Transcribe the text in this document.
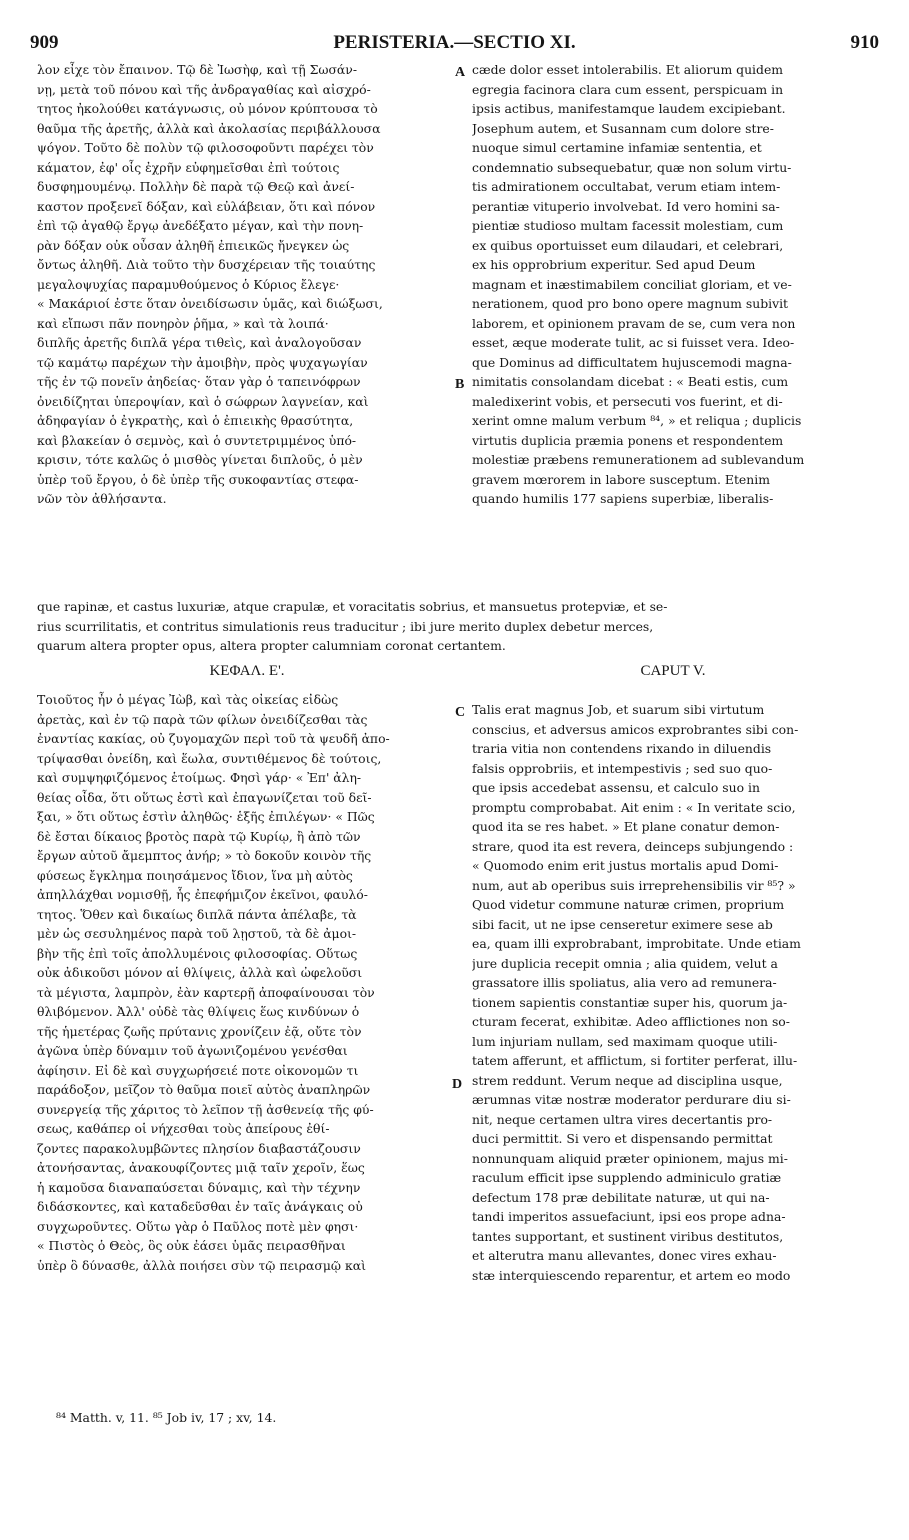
909	PERISTERIA.—SECTIO XI.	910
λον εἶχε τὸν ἔπαινον. Τῷ δὲ Ἰωσὴφ, καὶ τῇ Σωσάν-
νῃ, μετὰ τοῦ πόνου καὶ τῆς ἀνδραγαθίας καὶ αἰσχρό-
τητος ἠκολούθει κατάγνωσις, οὐ μόνον κρύπτουσα τὸ
θαῦμα τῆς ἀρετῆς, ἀλλὰ καὶ ἀκολασίας περιβάλλουσα
ψόγον. Τοῦτο δὲ πολὺν τῷ φιλοσοφοῦντι παρέχει τὸν
κάματον, ἐφ' οἷς ἐχρῆν εὐφημεῖσθαι ἐπὶ τούτοις
δυσφημουμένῳ. Πολλὴν δὲ παρὰ τῷ Θεῷ καὶ ἀνεί-
καστον προξενεῖ δόξαν, καὶ εὐλάβειαν, ὅτι καὶ πόνον
ἐπὶ τῷ ἀγαθῷ ἔργῳ ἀνεδέξατο μέγαν, καὶ τὴν πονη-
ρὰν δόξαν οὐκ οὖσαν ἀληθῆ ἐπιεικῶς ἤνεγκεν ὡς
ὄντως ἀληθῆ. Διὰ τοῦτο τὴν δυσχέρειαν τῆς τοιαύτης
μεγαλοψυχίας παραμυθούμενος ὁ Κύριος ἔλεγε·
« Μακάριοί ἐστε ὅταν ὀνειδίσωσιν ὑμᾶς, καὶ διώξωσι,
καὶ εἴπωσι πᾶν πονηρὸν ῥῆμα, » καὶ τὰ λοιπά·
διπλῆς ἀρετῆς διπλᾶ γέρα τιθεὶς, καὶ ἀναλογοῦσαν
τῷ καμάτῳ παρέχων τὴν ἀμοιβὴν, πρὸς ψυχαγωγίαν
τῆς ἐν τῷ πονεῖν ἀηδείας· ὅταν γὰρ ὁ ταπεινόφρων
ὀνειδίζηται ὑπεροψίαν, καὶ ὁ σώφρων λαγνείαν, καὶ
ἀδηφαγίαν ὁ ἐγκρατὴς, καὶ ὁ ἐπιεικὴς θρασύτητα,
καὶ βλακείαν ὁ σεμνὸς, καὶ ὁ συντετριμμένος ὑπό-
κρισιν, τότε καλῶς ὁ μισθὸς γίνεται διπλοῦς, ὁ μὲν
ὑπὲρ τοῦ ἔργου, ὁ δὲ ὑπὲρ τῆς συκοφαντίας στεφα-
νῶν τὸν ἀθλήσαντα.
cæde dolor esset intolerabilis. Et aliorum quidem
egregia facinora clara cum essent, perspicuam in
ipsis actibus, manifestamque laudem excipiebant.
Josephum autem, et Susannam cum dolore stre-
nuoque simul certamine infamiæ sententia, et
condemnatio subsequebatur, quæ non solum virtu-
tis admirationem occultabat, verum etiam intem-
perantiæ vituperio involvebat. Id vero homini sa-
pientiæ studioso multam facessit molestiam, cum
ex quibus oportuisset eum dilaudari, et celebrari,
ex his opprobrium experitur. Sed apud Deum
magnam et inæstimabilem conciliat gloriam, et ve-
nerationem, quod pro bono opere magnum subivit
laborem, et opinionem pravam de se, cum vera non
esset, æque moderate tulit, ac si fuisset vera. Ideo-
que Dominus ad difficultatem hujuscemodi magna-
nimitatis consolandam dicebat : « Beati estis, cum
maledixerint vobis, et persecuti vos fuerint, et di-
xerint omne malum verbum ⁸⁴, » et reliqua ; duplicis
virtutis duplicia præmia ponens et respondentem
molestiæ præbens remunerationem ad sublevandum
gravem mœrorem in labore susceptum. Etenim
quando humilis 177 sapiens superbiæ, liberalis-
A
B
C
D
que rapinæ, et castus luxuriæ, atque crapulæ, et voracitatis sobrius, et mansuetus protерviæ, et se-
rius scurrilitatis, et contritus simulationis reus traducitur ; ibi jure merito duplex debetur merces,
quarum altera propter opus, altera propter calumniam coronat certantem.
ΚΕΦΑΛ. Ε'.	CAPUT V.
Τοιοῦτος ἦν ὁ μέγας Ἰὼβ, καὶ τὰς οἰκείας εἰδὼς
ἀρετὰς, καὶ ἐν τῷ παρὰ τῶν φίλων ὀνειδίζεσθαι τὰς
ἐναντίας κακίας, οὐ ζυγομαχῶν περὶ τοῦ τὰ ψευδῆ ἀπο-
τρίψασθαι ὀνείδη, καὶ ἕωλα, συντιθέμενος δὲ τούτοις,
καὶ συμψηφιζόμενος ἑτοίμως. Φησὶ γάρ· « Ἐπ' ἀλη-
θείας οἶδα, ὅτι οὕτως ἐστὶ καὶ ἐπαγωνίζεται τοῦ δεῖ-
ξαι, » ὅτι οὕτως ἐστὶν ἀληθῶς· ἑξῆς ἐπιλέγων· « Πῶς
δὲ ἔσται δίκαιος βροτὸς παρὰ τῷ Κυρίῳ, ἢ ἀπὸ τῶν
ἔργων αὐτοῦ ἄμεμπτος ἀνήρ; » τὸ δοκοῦν κοινὸν τῆς
φύσεως ἔγκλημα ποιησάμενος ἴδιον, ἵνα μὴ αὐτὸς
ἀπηλλάχθαι νομισθῇ, ἧς ἐπεφήμιζον ἐκεῖνοι, φαυλό-
τητος. Ὅθεν καὶ δικαίως διπλᾶ πάντα ἀπέλαβε, τὰ
μὲν ὡς σεσυλημένος παρὰ τοῦ λῃστοῦ, τὰ δὲ ἀμοι-
βὴν τῆς ἐπὶ τοῖς ἀπολλυμένοις φιλοσοφίας. Οὕτως
οὐκ ἀδικοῦσι μόνον αἱ θλίψεις, ἀλλὰ καὶ ὠφελοῦσι
τὰ μέγιστα, λαμπρὸν, ἐὰν καρτερῇ ἀποφαίνουσαι τὸν
θλιβόμενον. Ἀλλ' οὐδὲ τὰς θλίψεις ἕως κινδύνων ὁ
τῆς ἡμετέρας ζωῆς πρύτανις χρονίζειν ἐᾷ, οὔτε τὸν
ἀγῶνα ὑπὲρ δύναμιν τοῦ ἀγωνιζομένου γενέσθαι
ἀφίησιν. Εἰ δὲ καὶ συγχωρήσειέ ποτε οἰκονομῶν τι
παράδοξον, μεῖζον τὸ θαῦμα ποιεῖ αὐτὸς ἀναπληρῶν
συνεργείᾳ τῆς χάριτος τὸ λεῖπον τῇ ἀσθενείᾳ τῆς φύ-
σεως, καθάπερ οἱ νήχεσθαι τοὺς ἀπείρους ἐθί-
ζοντες παρακολυμβῶντες πλησίον διαβαστάζουσιν
ἀτονήσαντας, ἀνακουφίζοντες μιᾷ ταῖν χεροῖν, ἕως
ἡ καμοῦσα διαναπαύσεται δύναμις, καὶ τὴν τέχνην
διδάσκοντες, καὶ καταδεῦσθαι ἐν ταῖς ἀνάγκαις οὐ
συγχωροῦντες. Οὕτω γὰρ ὁ Παῦλος ποτὲ μὲν φησι·
« Πιστὸς ὁ Θεὸς, ὃς οὐκ ἐάσει ὑμᾶς πειρασθῆναι
ὑπὲρ ὃ δύνασθε, ἀλλὰ ποιήσει σὺν τῷ πειρασμῷ καὶ
Talis erat magnus Job, et suarum sibi virtutum
conscius, et adversus amicos exprobrantes sibi con-
traria vitia non contendens rixando in diluendis
falsis opprobriis, et intempestivis ; sed suo quo-
que ipsis accedebat assensu, et calculo suo in
promptu comprobabat. Ait enim : « In veritate scio,
quod ita se res habet. » Et plane conatur demon-
strare, quod ita est revera, deinceps subjungendo :
« Quomodo enim erit justus mortalis apud Domi-
num, aut ab operibus suis irreprehensibilis vir ⁸⁵? »
Quod videtur commune naturæ crimen, proprium
sibi facit, ut ne ipse censeretur eximere sese ab
ea, quam illi exprobrabant, improbitate. Unde etiam
jure duplicia recepit omnia ; alia quidem, velut a
grassatore illis spoliatus, alia vero ad remunera-
tionem sapientis constantiæ super his, quorum ja-
cturam fecerat, exhibitæ. Adeo afflictiones non so-
lum injuriam nullam, sed maximam quoque utili-
tatem afferunt, et afflictum, si fortiter perferat, illu-
strem reddunt. Verum neque ad disciplina usque,
ærumnas vitæ nostræ moderator perdurare diu si-
nit, neque certamen ultra vires decertantis pro-
duci permittit. Si vero et dispensando permittat
nonnunquam aliquid præter opinionem, majus mi-
raculum efficit ipse supplendo adminiculo gratiæ
defectum 178 præ debilitate naturæ, ut qui na-
tandi imperitos assuefaciunt, ipsi eos prope adna-
tantes supportant, et sustinent viribus destitutos,
et alterutra manu allevantes, donec vires exhau-
stæ interquiescendo reparentur, et artem eo modo
⁸⁴ Matth. v, 11. ⁸⁵ Job iv, 17 ; xv, 14.
